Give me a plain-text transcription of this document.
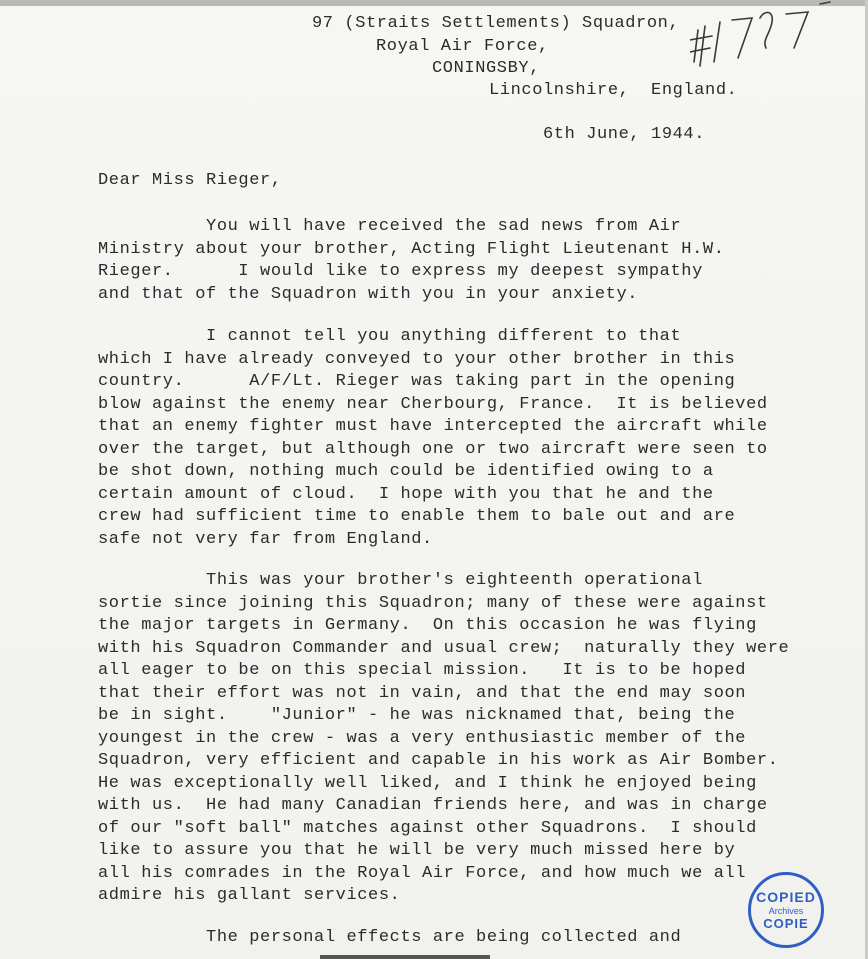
97 (Straits Settlements) Squadron,
Royal Air Force,
CONINGSBY,
Lincolnshire,  England.
6th June, 1944.
Dear Miss Rieger,
You will have received the sad news from Air
Ministry about your brother, Acting Flight Lieutenant H.W.
Rieger.      I would like to express my deepest sympathy
and that of the Squadron with you in your anxiety.
I cannot tell you anything different to that
which I have already conveyed to your other brother in this
country.      A/F/Lt. Rieger was taking part in the opening
blow against the enemy near Cherbourg, France.  It is believed
that an enemy fighter must have intercepted the aircraft while
over the target, but although one or two aircraft were seen to
be shot down, nothing much could be identified owing to a
certain amount of cloud.  I hope with you that he and the
crew had sufficient time to enable them to bale out and are
safe not very far from England.
This was your brother's eighteenth operational
sortie since joining this Squadron; many of these were against
the major targets in Germany.  On this occasion he was flying
with his Squadron Commander and usual crew;  naturally they were
all eager to be on this special mission.   It is to be hoped
that their effort was not in vain, and that the end may soon
be in sight.    "Junior" - he was nicknamed that, being the
youngest in the crew - was a very enthusiastic member of the
Squadron, very efficient and capable in his work as Air Bomber.
He was exceptionally well liked, and I think he enjoyed being
with us.  He had many Canadian friends here, and was in charge
of our "soft ball" matches against other Squadrons.  I should
like to assure you that he will be very much missed here by
all his comrades in the Royal Air Force, and how much we all
admire his gallant services.
The personal effects are being collected and
COPIED
Archives
COPIE
